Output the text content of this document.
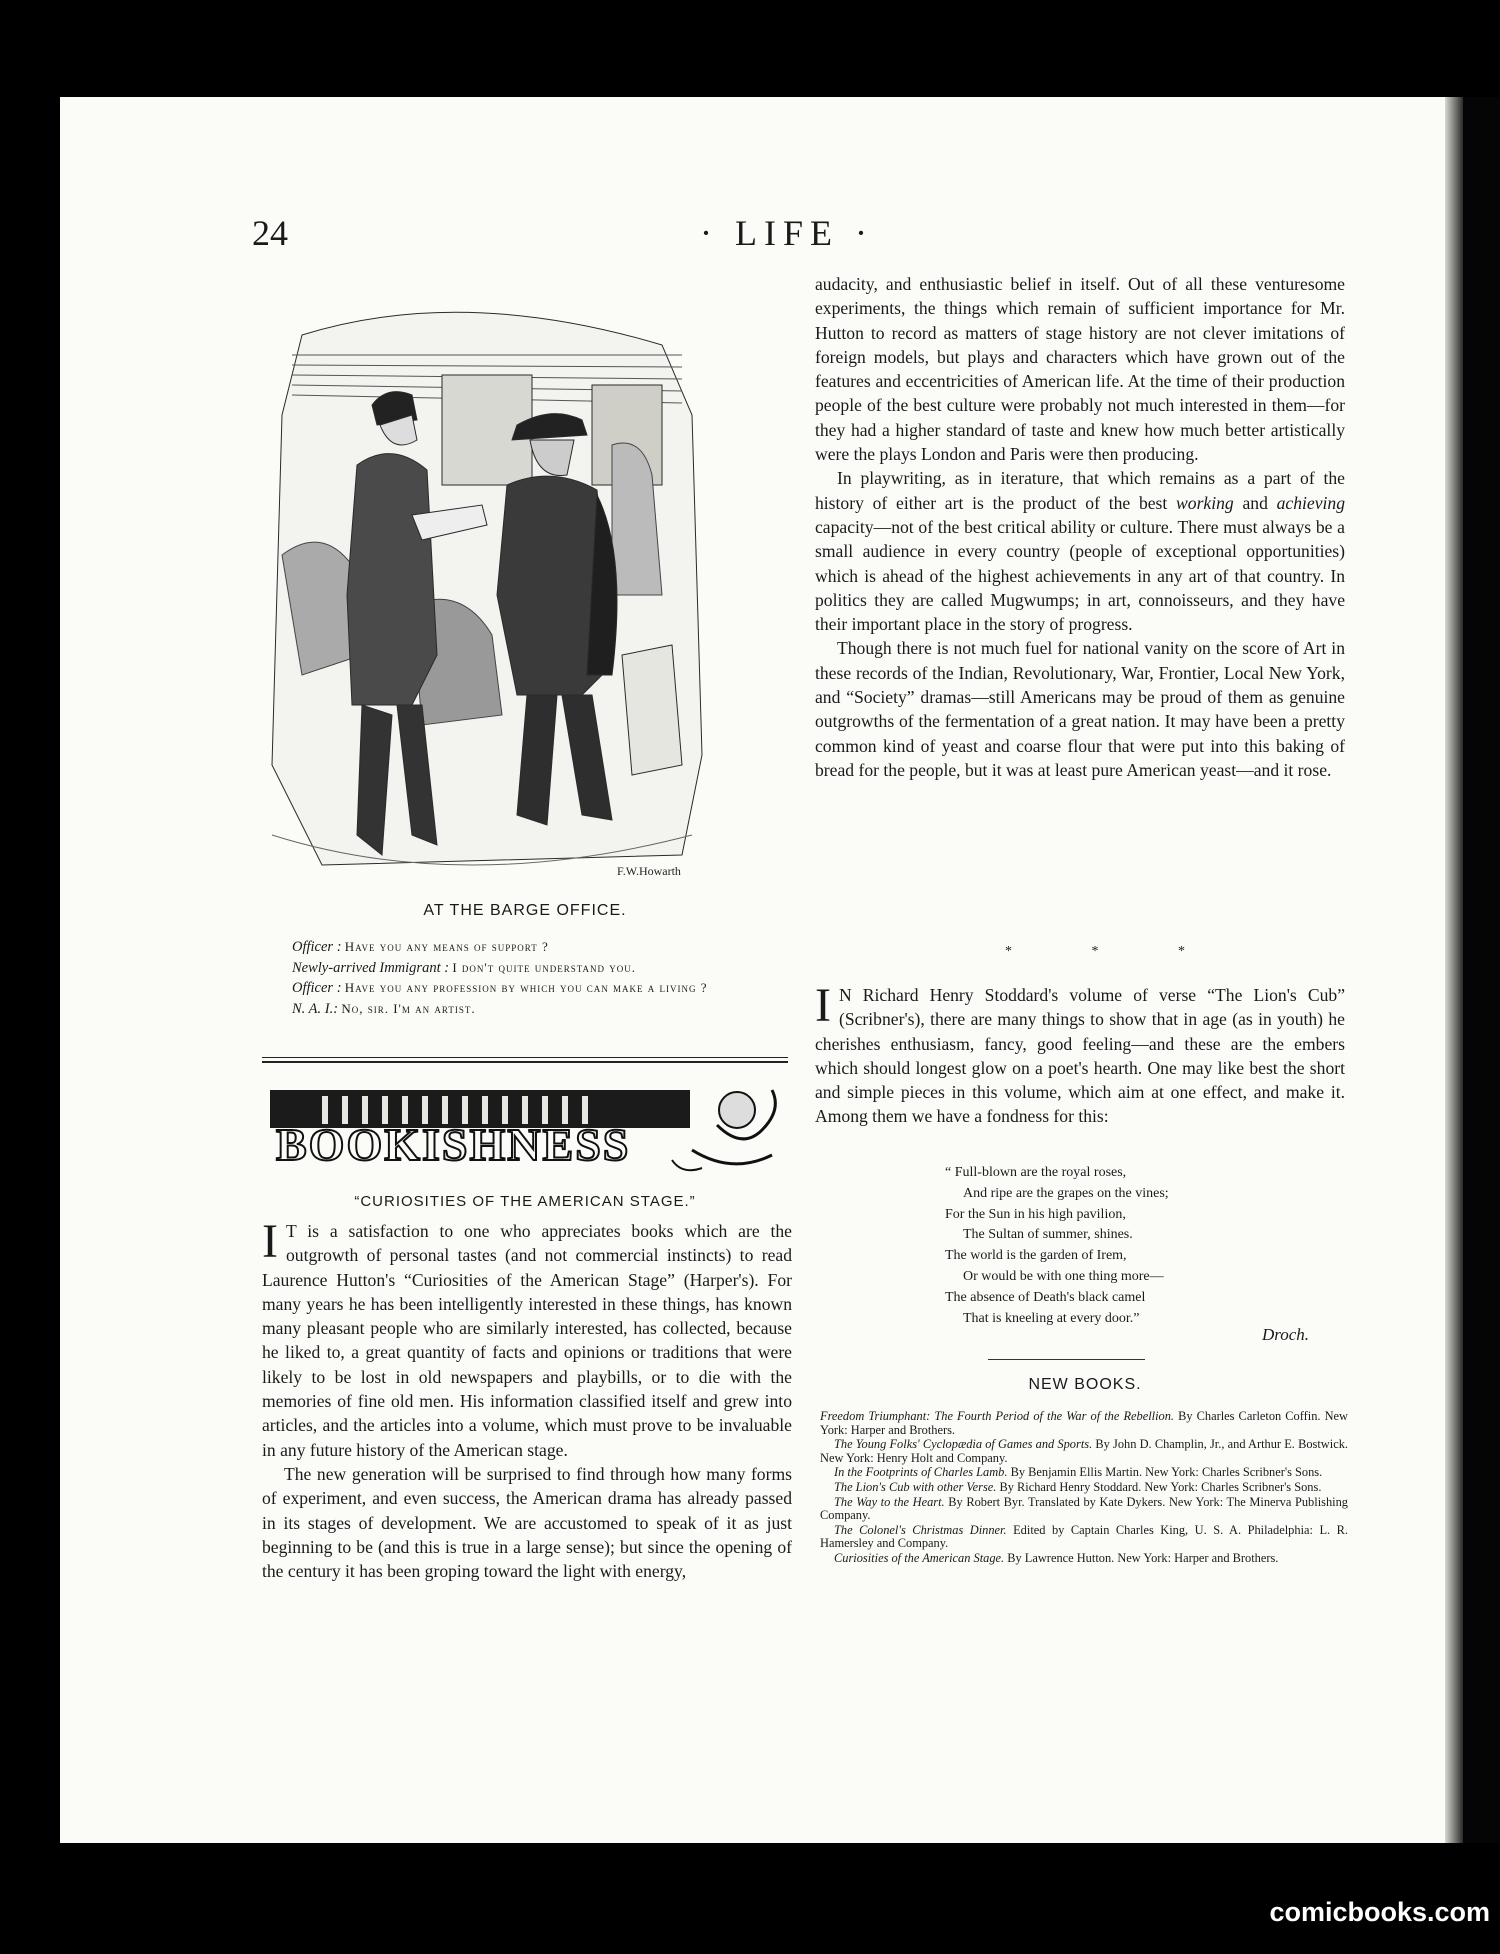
24	· LIFE ·
F.W.Howarth
AT THE BARGE OFFICE.

Officer : Have you any means of support ?

Newly-arrived Immigrant : I don't quite understand you.

Officer : Have you any profession by which you can make a living ?

N. A. I.: No, sir. I'm an artist.

BOOKISHNESS
“CURIOSITIES OF THE AMERICAN STAGE.”

I T is a satisfaction to one who appreciates books which are the outgrowth of personal tastes (and not commercial instincts) to read Laurence Hutton's “Curiosities of the American Stage” (Harper's). For many years he has been intelligently interested in these things, has known many pleasant people who are similarly interested, has collected, because he liked to, a great quantity of facts and opinions or traditions that were likely to be lost in old newspapers and playbills, or to die with the memories of fine old men. His information classified itself and grew into articles, and the articles into a volume, which must prove to be invaluable in any future history of the American stage.

The new generation will be surprised to find through how many forms of experiment, and even success, the American drama has already passed in its stages of development. We are accustomed to speak of it as just beginning to be (and this is true in a large sense); but since the opening of the century it has been groping toward the light with energy,

audacity, and enthusiastic belief in itself. Out of all these venturesome experiments, the things which remain of sufficient importance for Mr. Hutton to record as matters of stage history are not clever imitations of foreign models, but plays and characters which have grown out of the features and eccentricities of American life. At the time of their production people of the best culture were probably not much interested in them—for they had a higher standard of taste and knew how much better artistically were the plays London and Paris were then producing.

In playwriting, as in iterature, that which remains as a part of the history of either art is the product of the best working and achieving capacity—not of the best critical ability or culture. There must always be a small audience in every country (people of exceptional opportunities) which is ahead of the highest achievements in any art of that country. In politics they are called Mugwumps; in art, connoisseurs, and they have their important place in the story of progress.

Though there is not much fuel for national vanity on the score of Art in these records of the Indian, Revolutionary, War, Frontier, Local New York, and “Society” dramas—still Americans may be proud of them as genuine outgrowths of the fermentation of a great nation. It may have been a pretty common kind of yeast and coarse flour that were put into this baking of bread for the people, but it was at least pure American yeast—and it rose.

* * *

I N Richard Henry Stoddard's volume of verse “The Lion's Cub” (Scribner's), there are many things to show that in age (as in youth) he cherishes enthusiasm, fancy, good feeling—and these are the embers which should longest glow on a poet's hearth. One may like best the short and simple pieces in this volume, which aim at one effect, and make it. Among them we have a fondness for this:

“ Full-blown are the royal roses,
And ripe are the grapes on the vines;
For the Sun in his high pavilion,
The Sultan of summer, shines.
The world is the garden of Irem,
Or would be with one thing more—
The absence of Death's black camel
That is kneeling at every door.”
Droch.
NEW BOOKS.

Freedom Triumphant: The Fourth Period of the War of the Rebellion. By Charles Carleton Coffin. New York: Harper and Brothers.

The Young Folks' Cyclopædia of Games and Sports. By John D. Champlin, Jr., and Arthur E. Bostwick. New York: Henry Holt and Company.

In the Footprints of Charles Lamb. By Benjamin Ellis Martin. New York: Charles Scribner's Sons.

The Lion's Cub with other Verse. By Richard Henry Stoddard. New York: Charles Scribner's Sons.

The Way to the Heart. By Robert Byr. Translated by Kate Dykers. New York: The Minerva Publishing Company.

The Colonel's Christmas Dinner. Edited by Captain Charles King, U. S. A. Philadelphia: L. R. Hamersley and Company.

Curiosities of the American Stage. By Lawrence Hutton. New York: Harper and Brothers.

comicbooks.com
